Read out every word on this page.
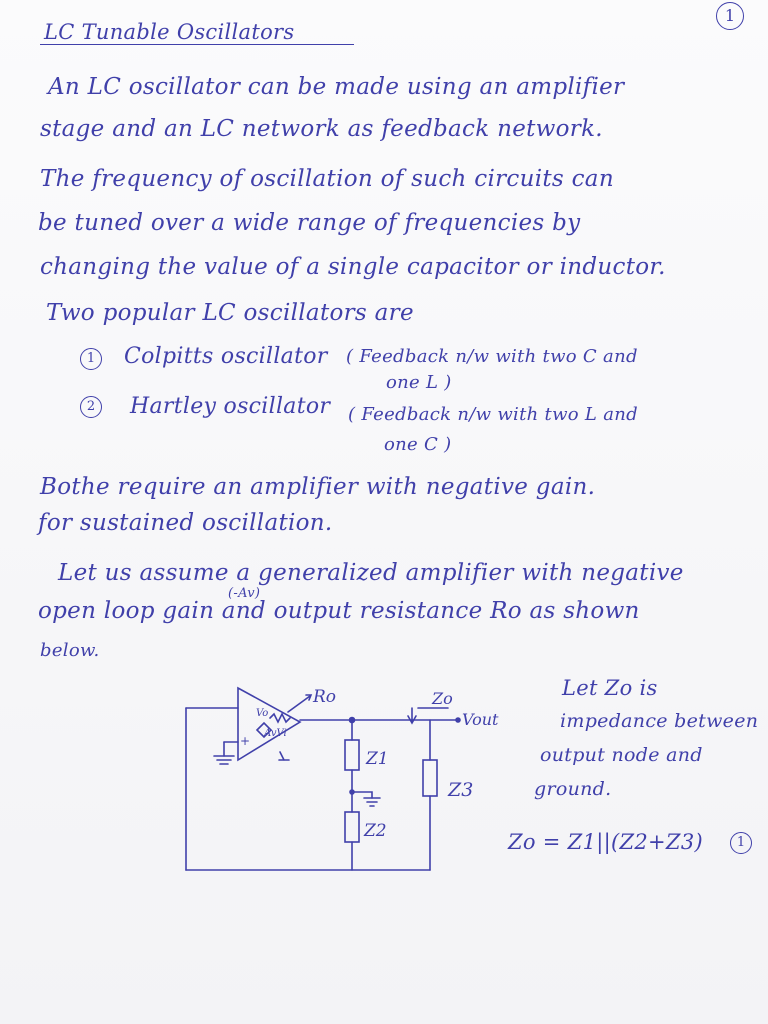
1
LC Tunable Oscillators
An LC oscillator can be made using an amplifier
stage and an LC network as feedback network.
The frequency of oscillation of such circuits can
be tuned over a wide range of frequencies by
changing the value of a single capacitor or inductor.
Two popular LC oscillators are
1	Colpitts oscillator ( Feedback n/w with two C and
one L )
2	Hartley oscillator ( Feedback n/w with two L and
one C )
Bothe require an amplifier with negative gain.
for sustained oscillation.
Let us assume a generalized amplifier with negative
(-Av)
open loop gain and output resistance Ro as shown
below.
Let Zo is
impedance between
output node and
ground.
Zo = Z1||(Z2+Z3)	1
Ro	Zo
Vout
Vo
AvVi
+
Z1
Z2
Z3
